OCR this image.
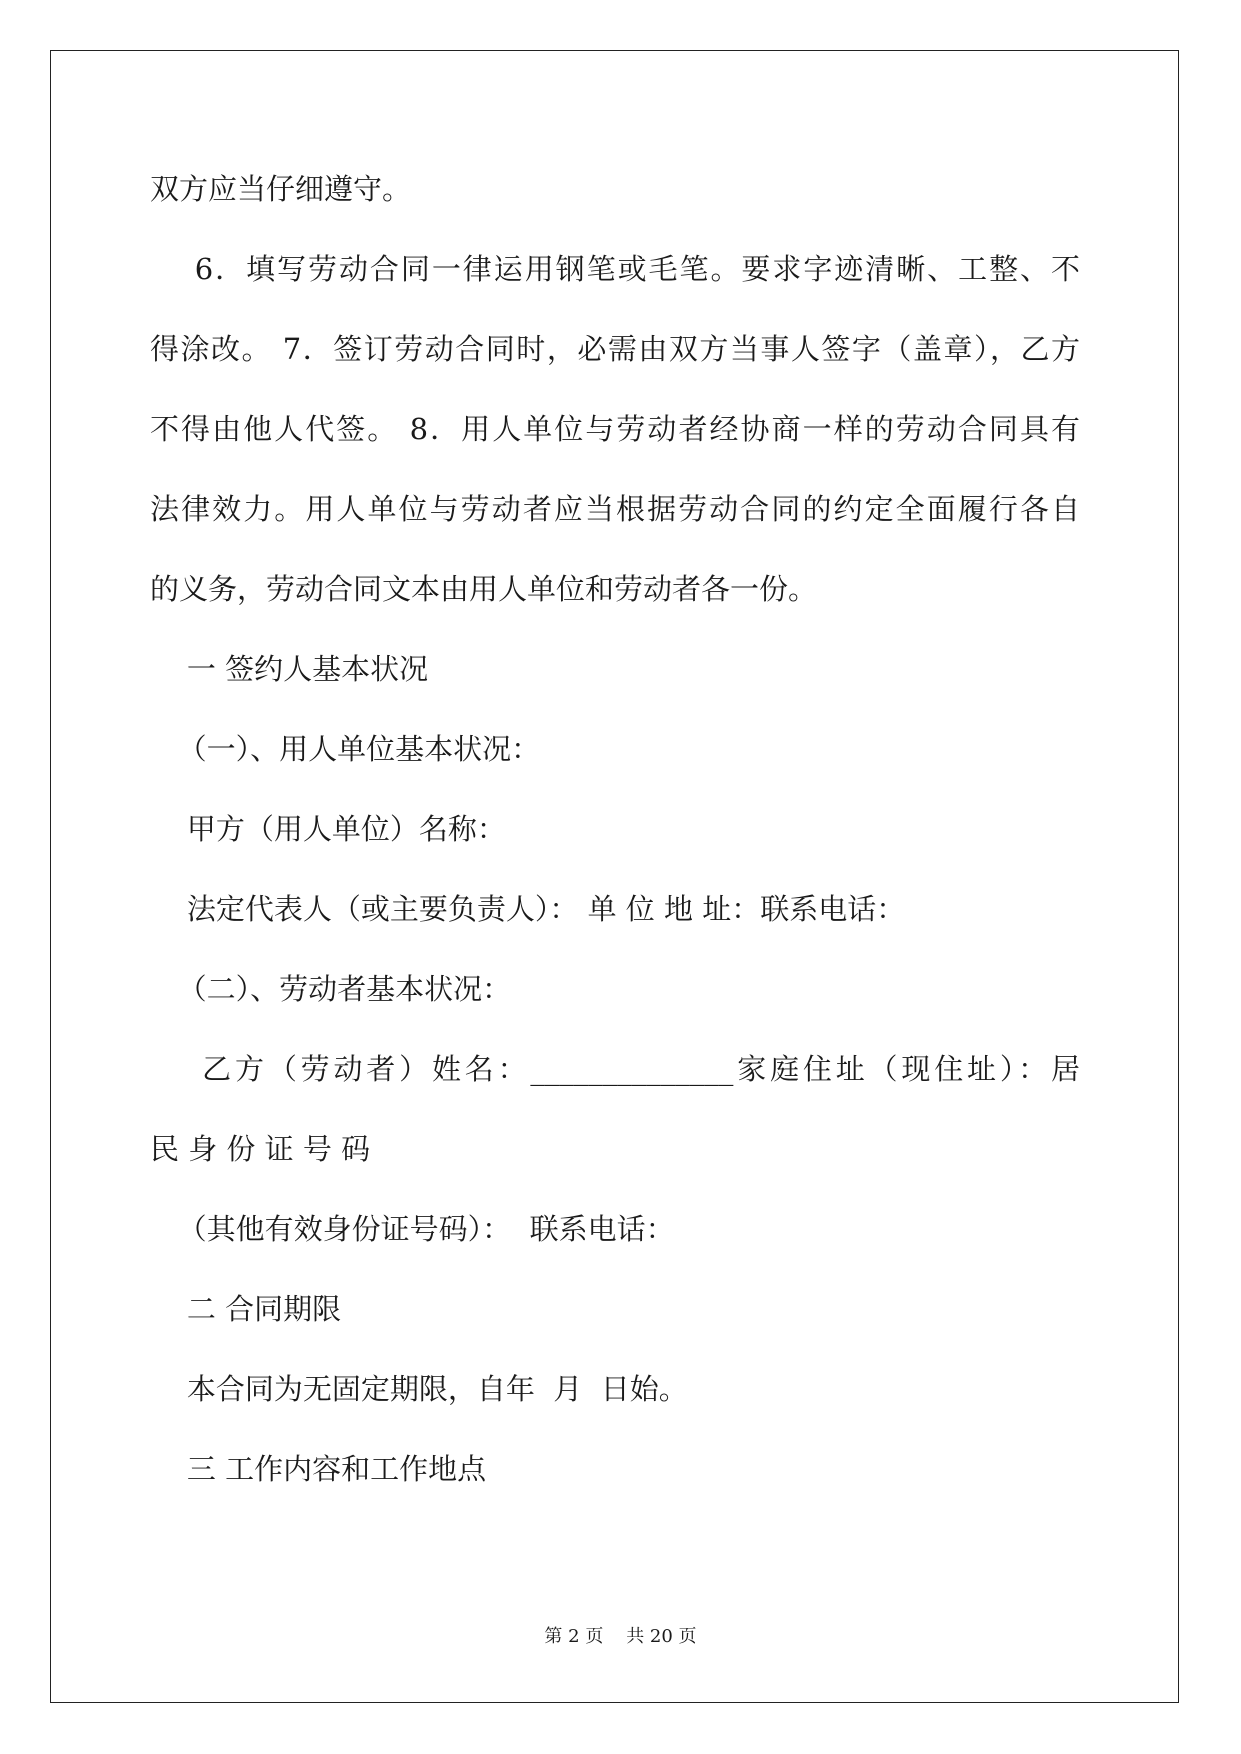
双方应当仔细遵守。
6．填写劳动合同一律运用钢笔或毛笔。要求字迹清晰、工整、不
得涂改。 7．签订劳动合同时，必需由双方当事人签字（盖章），乙方
不得由他人代签。 8．用人单位与劳动者经协商一样的劳动合同具有
法律效力。用人单位与劳动者应当根据劳动合同的约定全面履行各自
的义务，劳动合同文本由用人单位和劳动者各一份。
一 签约人基本状况
（一）、用人单位基本状况：
甲方（用人单位）名称：
法定代表人（或主要负责人）： 单 位 地 址：联系电话：
（二）、劳动者基本状况：
乙方（劳动者）姓名：______________家庭住址（现住址）：居
民 身 份 证 号 码
（其他有效身份证号码）：  联系电话：
二 合同期限
本合同为无固定期限，自年  月  日始。
三 工作内容和工作地点
第 2 页    共 20 页
